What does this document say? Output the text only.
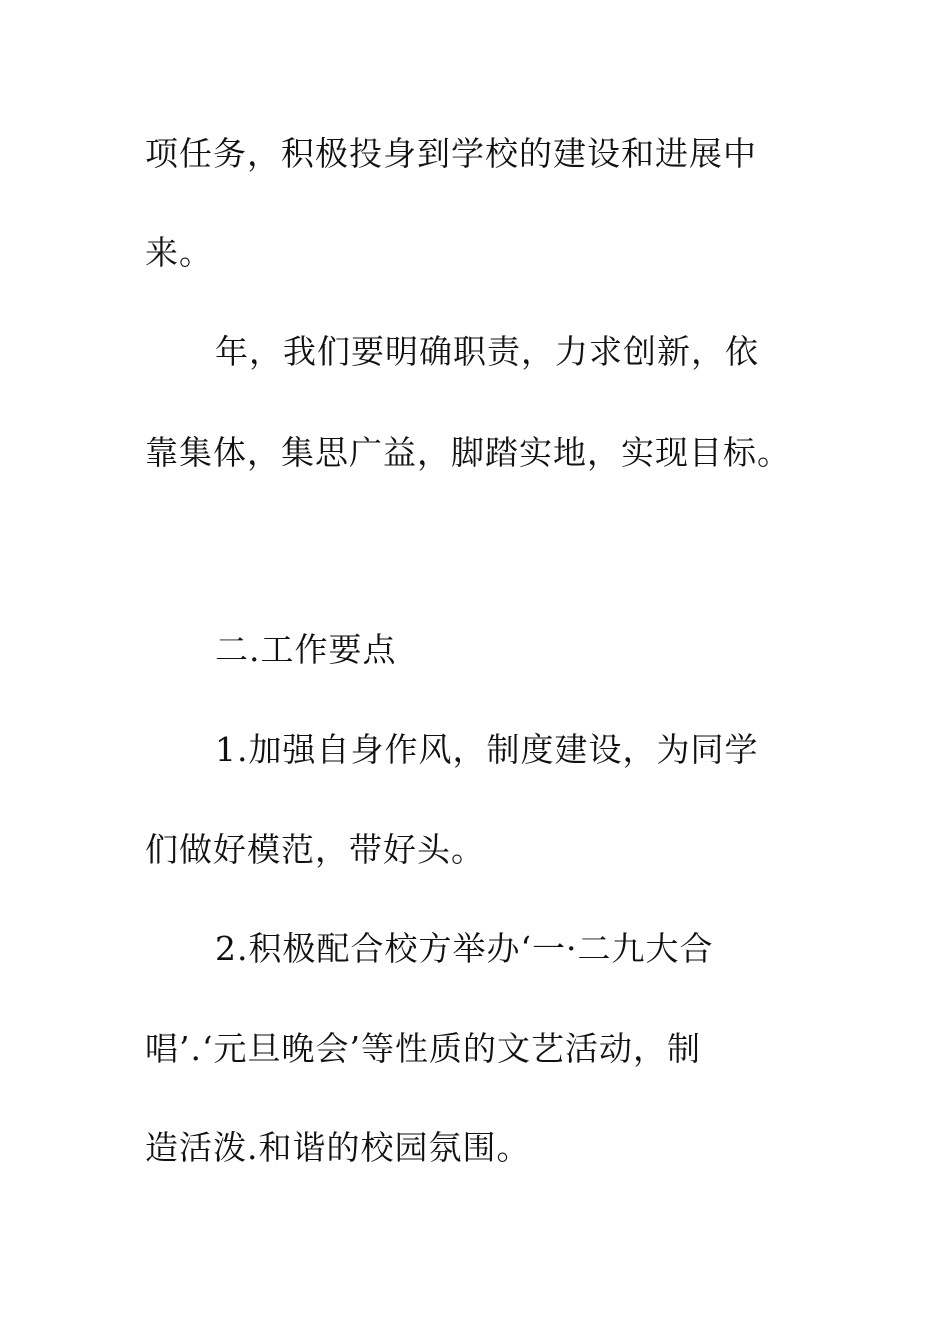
项任务，积极投身到学校的建设和进展中
来。
年，我们要明确职责，力求创新，依
靠集体，集思广益，脚踏实地，实现目标。
二.工作要点
1.加强自身作风，制度建设，为同学
们做好模范，带好头。
2.积极配合校方举办‘一·二九大合
唱’.‘元旦晚会’等性质的文艺活动，制
造活泼.和谐的校园氛围。
